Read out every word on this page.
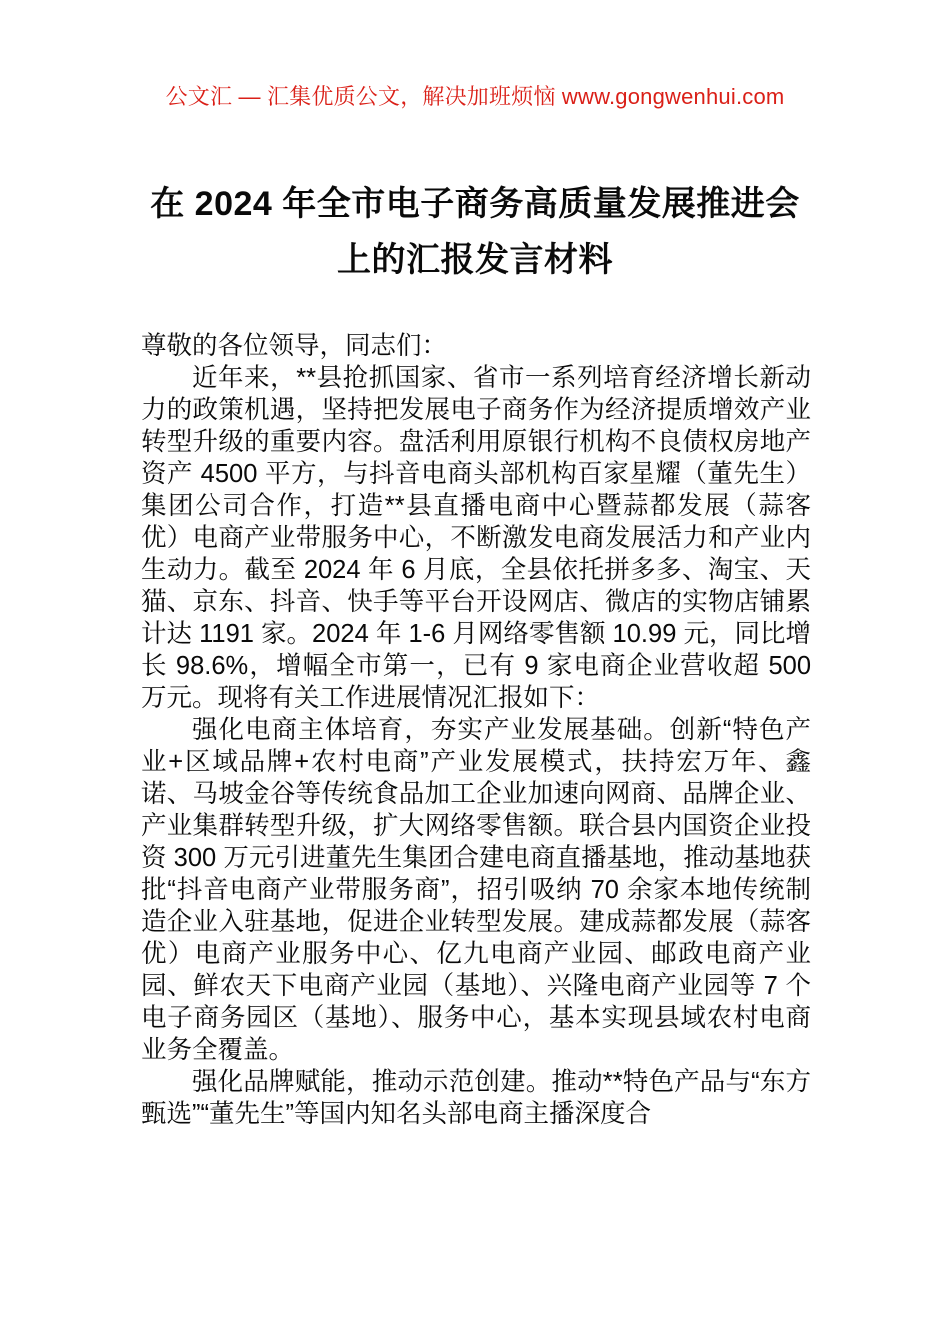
公文汇 — 汇集优质公文，解决加班烦恼 www.gongwenhui.com
在 2024 年全市电子商务高质量发展推进会
上的汇报发言材料

尊敬的各位领导，同志们：

近年来，**县抢抓国家、省市一系列培育经济增长新动力的政策机遇，坚持把发展电子商务作为经济提质增效产业转型升级的重要内容。盘活利用原银行机构不良债权房地产资产 4500 平方，与抖音电商头部机构百家星耀（董先生）集团公司合作，打造**县直播电商中心暨蒜都发展（蒜客优）电商产业带服务中心，不断激发电商发展活力和产业内生动力。截至 2024 年 6 月底，全县依托拼多多、淘宝、天猫、京东、抖音、快手等平台开设网店、微店的实物店铺累计达 1191 家。2024 年 1-6 月网络零售额 10.99 元，同比增长 98.6%，增幅全市第一，已有 9 家电商企业营收超 500 万元。现将有关工作进展情况汇报如下：

强化电商主体培育，夯实产业发展基础。创新“特色产业+区域品牌+农村电商”产业发展模式，扶持宏万年、鑫诺、马坡金谷等传统食品加工企业加速向网商、品牌企业、产业集群转型升级，扩大网络零售额。联合县内国资企业投资 300 万元引进董先生集团合建电商直播基地，推动基地获批“抖音电商产业带服务商”，招引吸纳 70 余家本地传统制造企业入驻基地，促进企业转型发展。建成蒜都发展（蒜客优）电商产业服务中心、亿九电商产业园、邮政电商产业园、鲜农天下电商产业园（基地）、兴隆电商产业园等 7 个电子商务园区（基地）、服务中心，基本实现县域农村电商业务全覆盖。

强化品牌赋能，推动示范创建。推动**特色产品与“东方甄选”“董先生”等国内知名头部电商主播深度合
